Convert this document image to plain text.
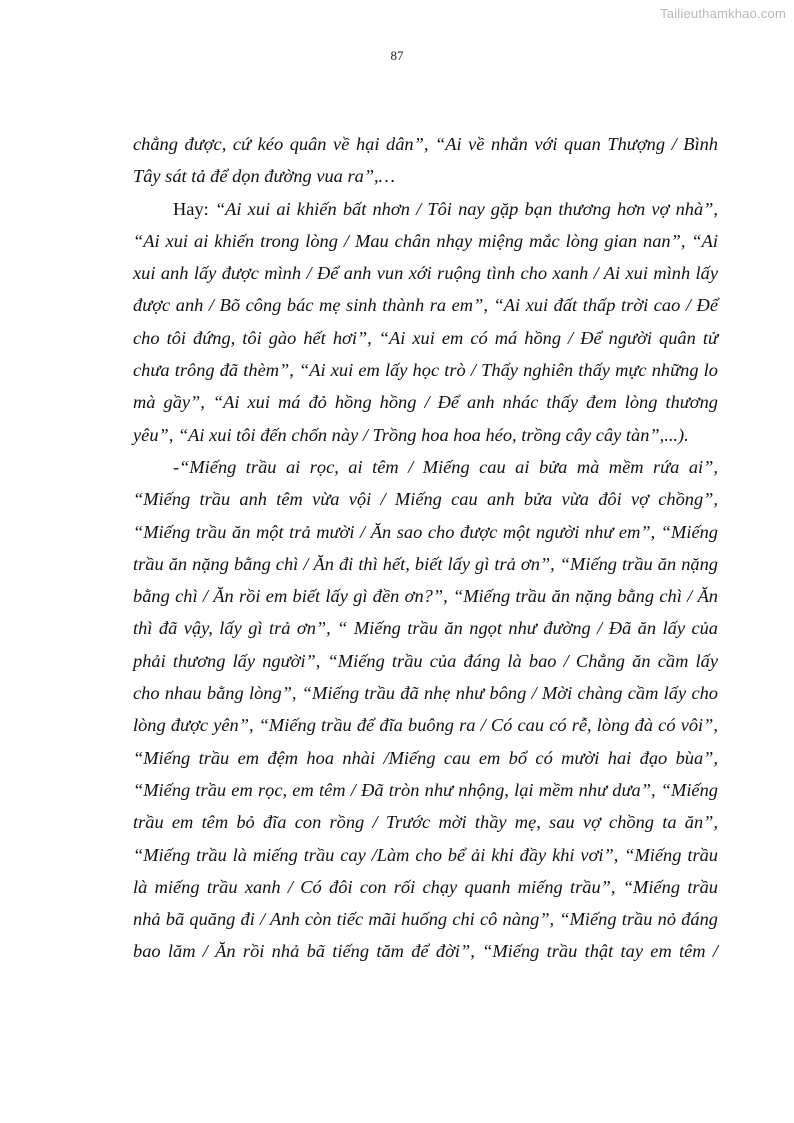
Tailieuthamkhao.com
87
chẳng được, cứ kéo quân về hại dân”, “Ai về nhắn với quan Thượng / Bình
Tây sát tả để dọn đường vua ra”,…
Hay: “Ai xui ai khiến bất nhơn / Tôi nay gặp bạn thương hơn vợ nhà”,
“Ai xui ai khiến trong lòng / Mau chân nhạy miệng mắc lòng gian nan”, “Ai
xui anh lấy được mình / Để anh vun xới ruộng tình cho xanh / Ai xui mình lấy
được anh / Bõ công bác mẹ sinh thành ra em”, “Ai xui đất thấp trời cao / Để
cho tôi đứng, tôi gào hết hơi”, “Ai xui em có má hồng / Để người quân tử
chưa trông đã thèm”, “Ai xui em lấy học trò / Thấy nghiên thấy mực những lo
mà gầy”, “Ai xui má đỏ hồng hồng / Để anh nhác thấy đem lòng thương
yêu”, “Ai xui tôi đến chốn này / Trồng hoa hoa héo, trồng cây cây tàn”,...).
-“Miếng trầu ai rọc, ai têm / Miếng cau ai bửa mà mềm rứa ai”,
“Miếng trầu anh têm vừa vội / Miếng cau anh bửa vừa đôi vợ chồng”,
“Miếng trầu ăn một trả mười / Ăn sao cho được một người như em”, “Miếng
trầu ăn nặng bằng chì / Ăn đi thì hết, biết lấy gì trả ơn”, “Miếng trầu ăn nặng
bằng chì / Ăn rồi em biết lấy gì đền ơn?”, “Miếng trầu ăn nặng bằng chì / Ăn
thì đã vậy, lấy gì trả ơn”, “ Miếng trầu ăn ngọt như đường / Đã ăn lấy của
phải thương lấy người”, “Miếng trầu của đáng là bao / Chẳng ăn cầm lấy
cho nhau bằng lòng”, “Miếng trầu đã nhẹ như bông / Mời chàng cầm lấy cho
lòng được yên”, “Miếng trầu để đĩa buông ra / Có cau có rễ, lòng đà có vôi”,
“Miếng trầu em đệm hoa nhài /Miếng cau em bổ có mười hai đạo bùa”,
“Miếng trầu em rọc, em têm / Đã tròn như nhộng, lại mềm như dưa”, “Miếng
trầu em têm bỏ đĩa con rồng / Trước mời thầy mẹ, sau vợ chồng ta ăn”,
“Miếng trầu là miếng trầu cay /Làm cho bể ải khi đầy khi vơi”, “Miếng trầu
là miếng trầu xanh / Có đôi con rối chạy quanh miếng trầu”, “Miếng trầu
nhả bã quăng đi / Anh còn tiếc mãi huống chi cô nàng”, “Miếng trầu nỏ đáng
bao lăm / Ăn rồi nhả bã tiếng tăm để đời”, “Miếng trầu thật tay em têm /
